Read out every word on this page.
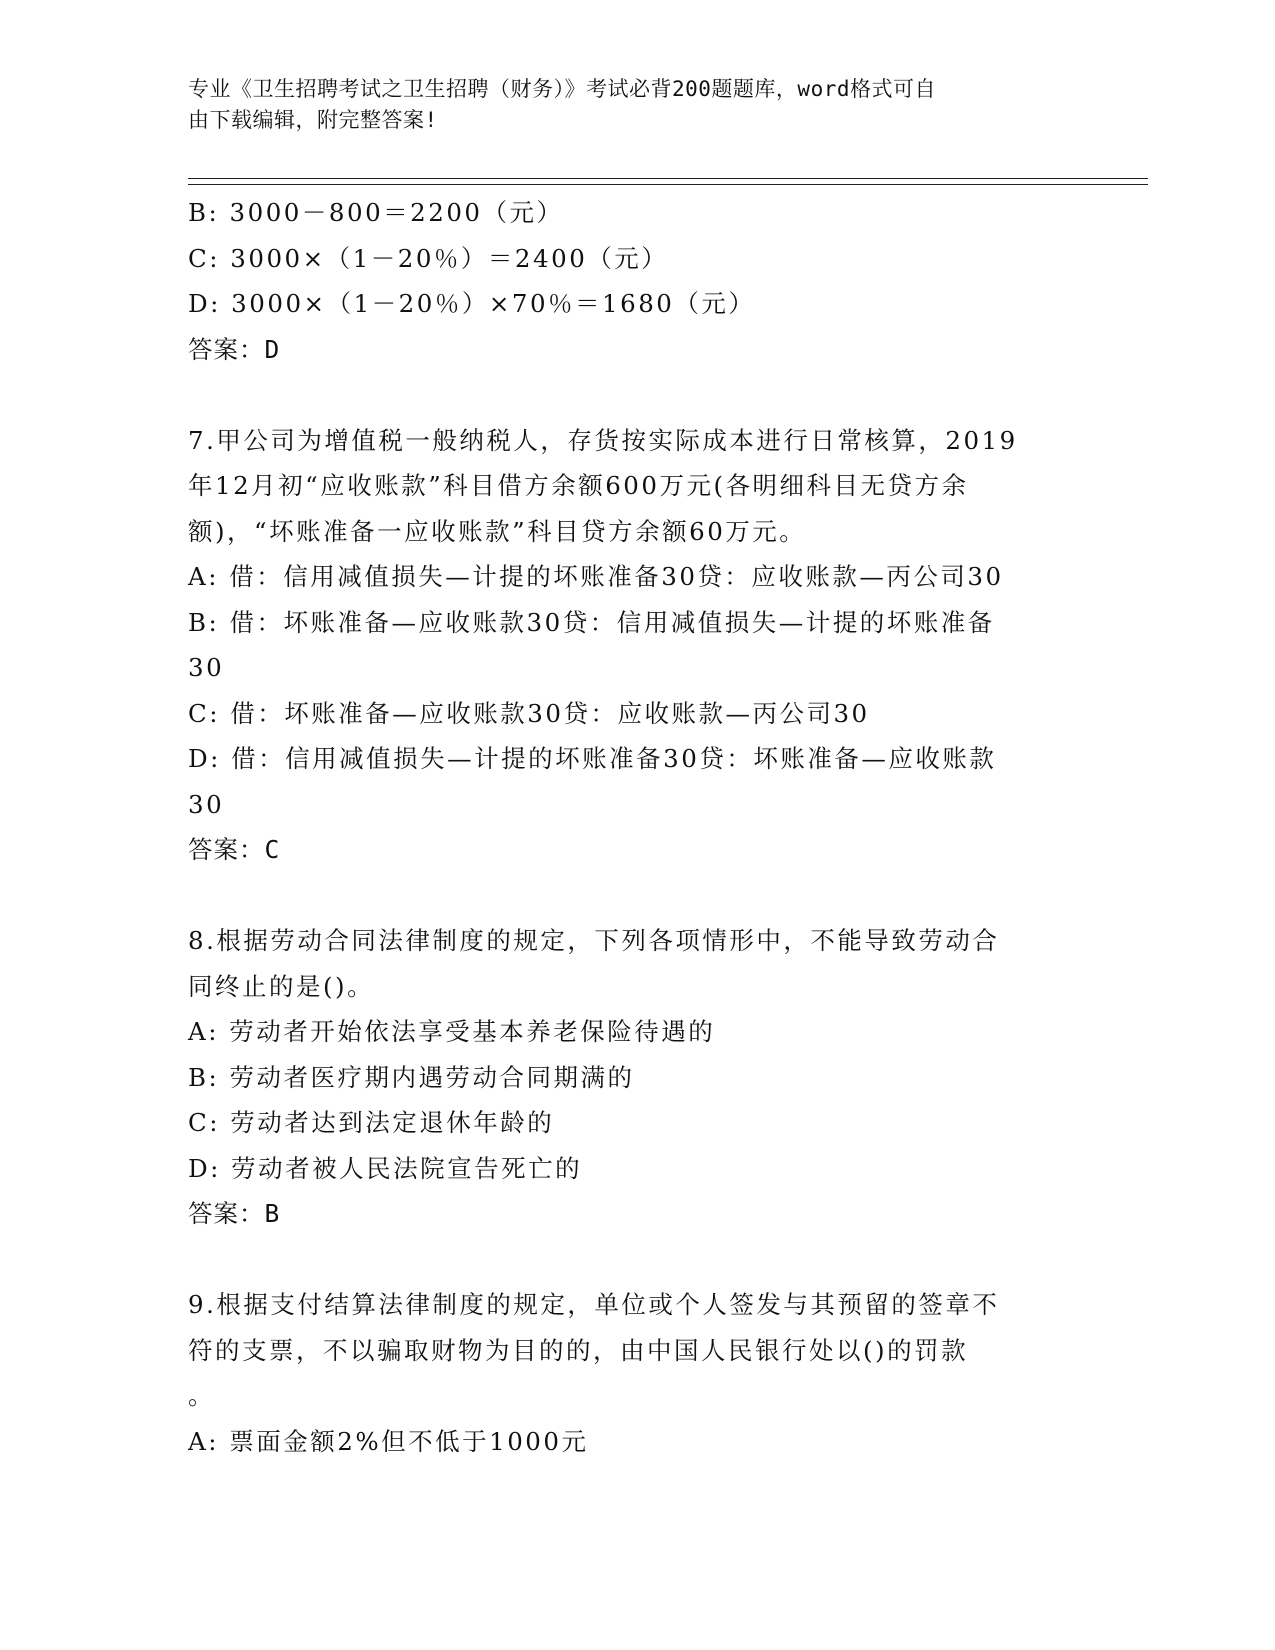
专业《卫生招聘考试之卫生招聘（财务）》考试必背200题题库，word格式可自
由下载编辑，附完整答案!

B: 3000－800＝2200（元）

C: 3000×（1－20％）＝2400（元）

D: 3000×（1－20％）×70％＝1680（元）

答案：D

7.甲公司为增值税一般纳税人，存货按实际成本进行日常核算，2019

年12月初“应收账款”科目借方余额600万元(各明细科目无贷方余

额)，“坏账准备一应收账款”科目贷方余额60万元。

A: 借：信用减值损失—计提的坏账准备30贷：应收账款—丙公司30

B: 借：坏账准备—应收账款30贷：信用减值损失—计提的坏账准备

30

C: 借：坏账准备—应收账款30贷：应收账款—丙公司30

D: 借：信用减值损失—计提的坏账准备30贷：坏账准备—应收账款

30

答案：C

8.根据劳动合同法律制度的规定，下列各项情形中，不能导致劳动合

同终止的是()。

A: 劳动者开始依法享受基本养老保险待遇的

B: 劳动者医疗期内遇劳动合同期满的

C: 劳动者达到法定退休年龄的

D: 劳动者被人民法院宣告死亡的

答案：B

9.根据支付结算法律制度的规定，单位或个人签发与其预留的签章不

符的支票，不以骗取财物为目的的，由中国人民银行处以()的罚款

。

A: 票面金额2%但不低于1000元
